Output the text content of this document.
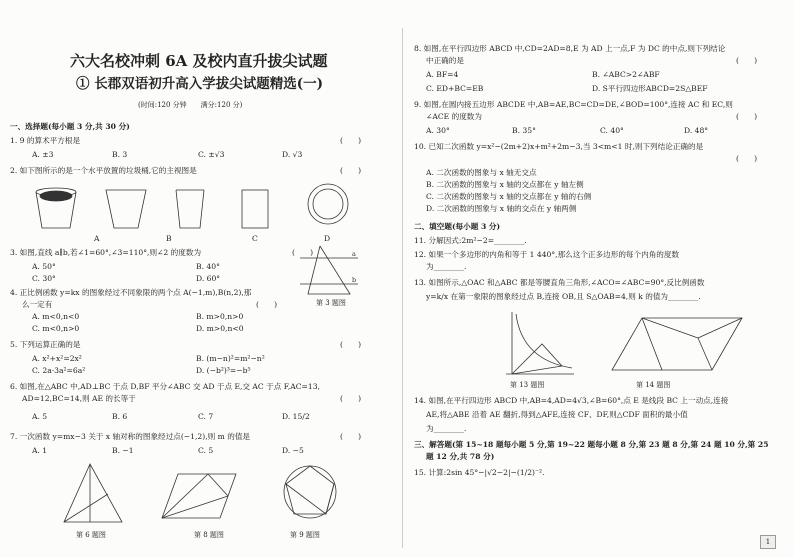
六大名校冲刺 6A 及校内直升拔尖试题
① 长郡双语初升高入学拔尖试题精选(一)
(时间:120 分钟　　满分:120 分)
一、选择题(每小题 3 分,共 30 分)
1. 9 的算术平方根是	(　　)
A. ±3	B. 3	C. ±√3	D. √3
2. 如下图所示的是一个水平放置的垃圾桶,它的主视图是	(　　)
A	B	C	D
3. 如图,直线 a∥b,若∠1=60°,∠3=110°,则∠2 的度数为	(　　)
A. 50°	B. 40°
C. 30°	D. 60°
a
b
第 3 题图
4. 正比例函数 y=kx 的图象经过不同象限的两个点 A(−1,m),B(n,2),那
么一定有	(　　)
A. m<0,n<0	B. m>0,n>0
C. m<0,n>0	D. m>0,n<0
5. 下列运算正确的是	(　　)
A. x²+x²=2x²	B. (m−n)²=m²−n²
C. 2a·3a²=6a²	D. (−b²)³=−b⁵
6. 如图,在△ABC 中,AD⊥BC 于点 D,BF 平分∠ABC 交 AD 于点 E,交 AC 于点 F,AC=13,
AD=12,BC=14,则 AE 的长等于	(　　)
A. 5	B. 6	C. 7	D. 15/2
7. 一次函数 y=mx−3 关于 x 轴对称的图象经过点(−1,2),则 m 的值是	(　　)
A. 1	B. −1	C. 5	D. −5
第 6 题图	第 8 题图	第 9 题图
8. 如图,在平行四边形 ABCD 中,CD=2AD=8,E 为 AD 上一点,F 为 DC 的中点,则下列结论
中正确的是	(　　)
A. BF=4	B. ∠ABC>2∠ABF
C. ED+BC=EB	D. S平行四边形ABCD=2S△BEF
9. 如图,在圆内接五边形 ABCDE 中,AB=AE,BC=CD=DE,∠BOD=100°,连接 AC 和 EC,则
∠ACE 的度数为	(　　)
A. 30°	B. 35°	C. 40°	D. 48°
10. 已知二次函数 y=x²−(2m+2)x+m²+2m−3,当 3<m<1 时,则下列结论正确的是
(　　)
A. 二次函数的图象与 x 轴无交点
B. 二次函数的图象与 x 轴的交点都在 y 轴左侧
C. 二次函数的图象与 x 轴的交点都在 y 轴的右侧
D. 二次函数的图象与 x 轴的交点在 y 轴两侧
二、填空题(每小题 3 分)
11. 分解因式:2m²−2=________.
12. 如果一个多边形的内角和等于 1 440°,那么这个正多边形的每个内角的度数
为________.
13. 如图所示,△OAC 和△ABC 都是等腰直角三角形,∠ACO=∠ABC=90°,反比例函数
y=k/x 在第一象限的图象经过点 B,连接 OB,且 S△OAB=4,则 k 的值为________.
第 13 题图	第 14 题图
14. 如图,在平行四边形 ABCD 中,AB=4,AD=4√3,∠B=60°,点 E 是线段 BC 上一动点,连接
AE,将△ABE 沿着 AE 翻折,得到△AFE,连接 CF、DF,则△CDF 面积的最小值
为________.
三、解答题(第 15~18 题每小题 5 分,第 19~22 题每小题 8 分,第 23 题 8 分,第 24 题 10 分,第 25
题 12 分,共 78 分)
15. 计算:2sin 45°−|√2−2|−(1/2)⁻².
1
